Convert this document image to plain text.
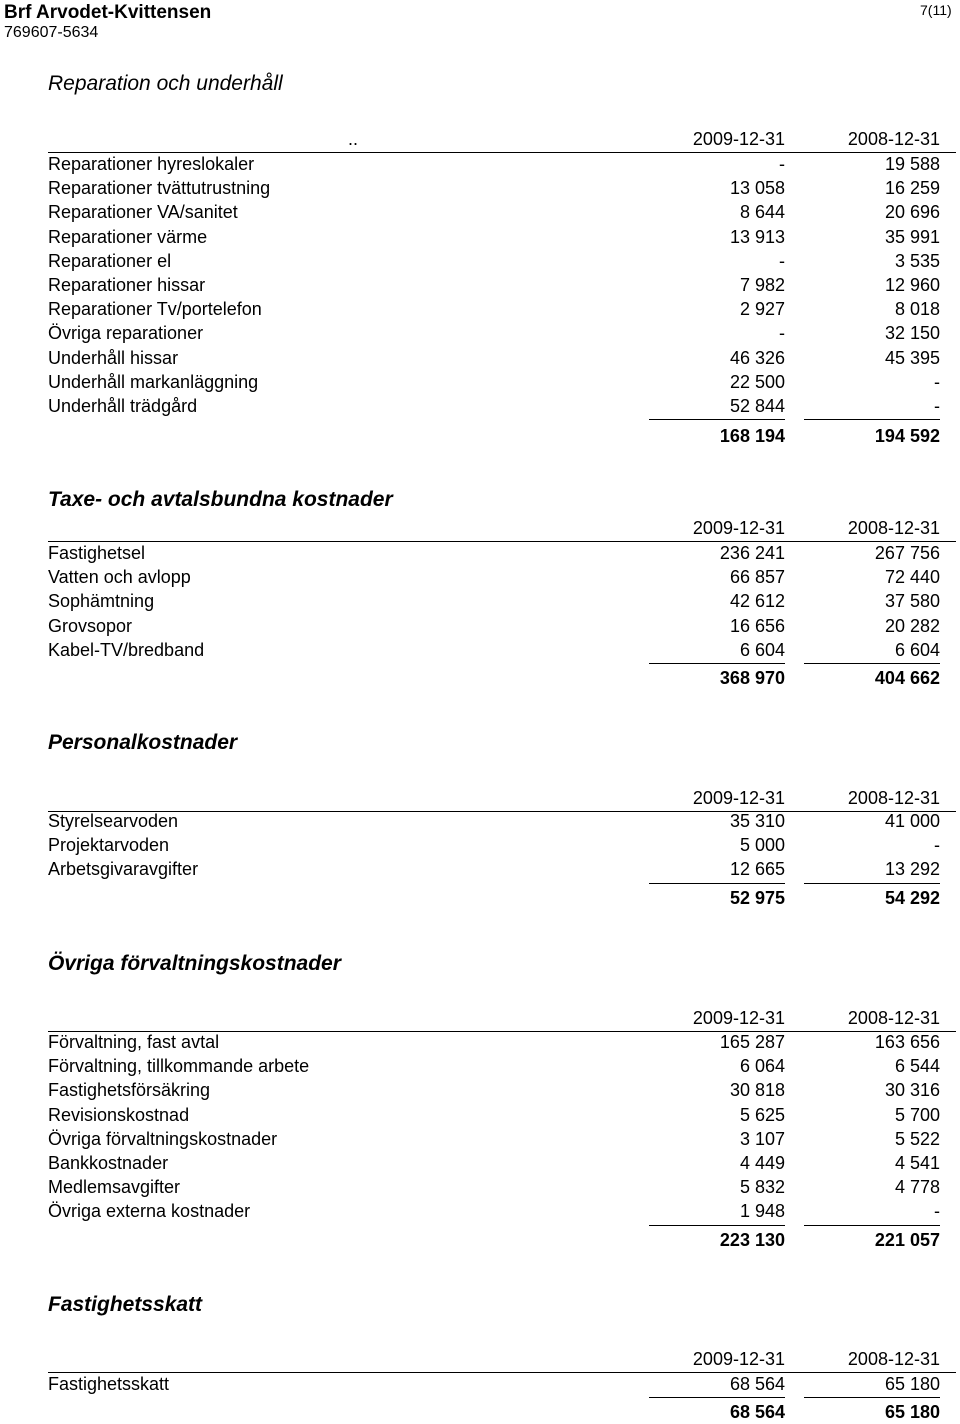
Brf Arvodet-Kvittensen
769607-5634
7(11)
Reparation och underhåll
..	2009-12-31	2008-12-31
Reparationer hyreslokaler	-	19 588
Reparationer tvättutrustning	13 058	16 259
Reparationer VA/sanitet	8 644	20 696
Reparationer värme	13 913	35 991
Reparationer el	-	3 535
Reparationer hissar	7 982	12 960
Reparationer Tv/portelefon	2 927	8 018
Övriga reparationer	-	32 150
Underhåll hissar	46 326	45 395
Underhåll markanläggning	22 500	-
Underhåll trädgård	52 844	-
168 194	194 592
Taxe- och avtalsbundna kostnader
2009-12-31	2008-12-31
Fastighetsel	236 241	267 756
Vatten och avlopp	66 857	72 440
Sophämtning	42 612	37 580
Grovsopor	16 656	20 282
Kabel-TV/bredband	6 604	6 604
368 970	404 662
Personalkostnader
2009-12-31	2008-12-31
Styrelsearvoden	35 310	41 000
Projektarvoden	5 000	-
Arbetsgivaravgifter	12 665	13 292
52 975	54 292
Övriga förvaltningskostnader
2009-12-31	2008-12-31
Förvaltning, fast avtal	165 287	163 656
Förvaltning, tillkommande arbete	6 064	6 544
Fastighetsförsäkring	30 818	30 316
Revisionskostnad	5 625	5 700
Övriga förvaltningskostnader	3 107	5 522
Bankkostnader	4 449	4 541
Medlemsavgifter	5 832	4 778
Övriga externa kostnader	1 948	-
223 130	221 057
Fastighetsskatt
2009-12-31	2008-12-31
Fastighetsskatt	68 564	65 180
68 564	65 180
